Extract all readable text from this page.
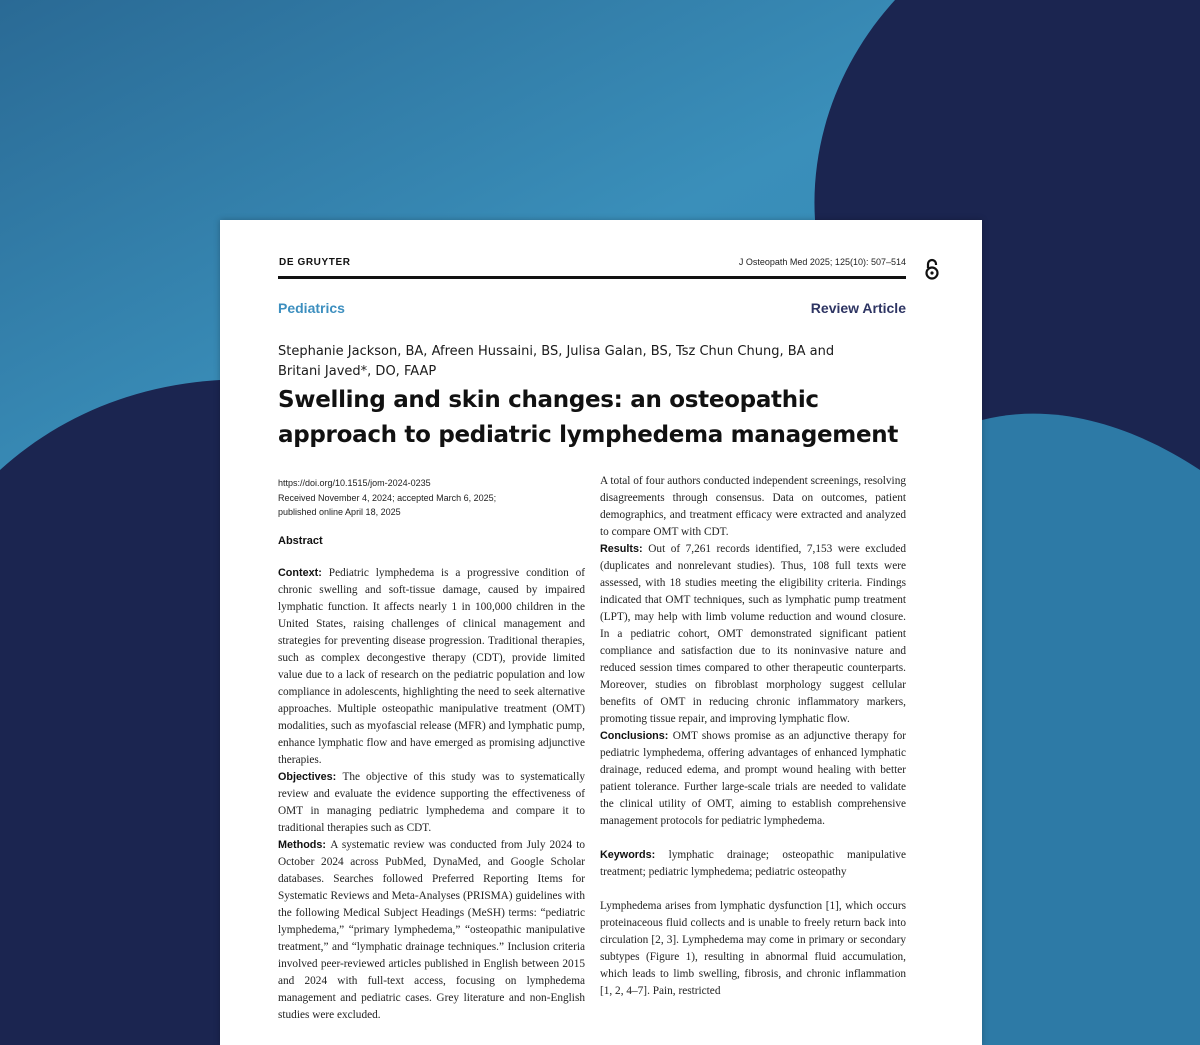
DE GRUYTER	J Osteopath Med 2025; 125(10): 507–514
Pediatrics	Review Article
Stephanie Jackson, BA, Afreen Hussaini, BS, Julisa Galan, BS, Tsz Chun Chung, BA and
Britani Javed*, DO, FAAP
Swelling and skin changes: an osteopathic
approach to pediatric lymphedema management
https://doi.org/10.1515/jom-2024-0235
Received November 4, 2024; accepted March 6, 2025;
published online April 18, 2025
Abstract

Context: Pediatric lymphedema is a progressive condition of chronic swelling and soft-tissue damage, caused by impaired lymphatic function. It affects nearly 1 in 100,000 children in the United States, raising challenges of clinical management and strategies for preventing disease progression. Traditional therapies, such as complex decongestive therapy (CDT), provide limited value due to a lack of research on the pediatric population and low compliance in adolescents, highlighting the need to seek alternative approaches. Multiple osteopathic manipulative treatment (OMT) modalities, such as myofascial release (MFR) and lymphatic pump, enhance lymphatic flow and have emerged as promising adjunctive therapies.

Objectives: The objective of this study was to systematically review and evaluate the evidence supporting the effectiveness of OMT in managing pediatric lymphedema and compare it to traditional therapies such as CDT.

Methods: A systematic review was conducted from July 2024 to October 2024 across PubMed, DynaMed, and Google Scholar databases. Searches followed Preferred Reporting Items for Systematic Reviews and Meta-Analyses (PRISMA) guidelines with the following Medical Subject Headings (MeSH) terms: “pediatric lymphedema,” “primary lymphedema,” “osteopathic manipulative treatment,” and “lymphatic drainage techniques.” Inclusion criteria involved peer-reviewed articles published in English between 2015 and 2024 with full-text access, focusing on lymphedema management and pediatric cases. Grey literature and non-English studies were excluded.

A total of four authors conducted independent screenings, resolving disagreements through consensus. Data on outcomes, patient demographics, and treatment efficacy were extracted and analyzed to compare OMT with CDT.

Results: Out of 7,261 records identified, 7,153 were excluded (duplicates and nonrelevant studies). Thus, 108 full texts were assessed, with 18 studies meeting the eligibility criteria. Findings indicated that OMT techniques, such as lymphatic pump treatment (LPT), may help with limb volume reduction and wound closure. In a pediatric cohort, OMT demonstrated significant patient compliance and satisfaction due to its noninvasive nature and reduced session times compared to other therapeutic counterparts. Moreover, studies on fibroblast morphology suggest cellular benefits of OMT in reducing chronic inflammatory markers, promoting tissue repair, and improving lymphatic flow.

Conclusions: OMT shows promise as an adjunctive therapy for pediatric lymphedema, offering advantages of enhanced lymphatic drainage, reduced edema, and prompt wound healing with better patient tolerance. Further large-scale trials are needed to validate the clinical utility of OMT, aiming to establish comprehensive management protocols for pediatric lymphedema.

Keywords: lymphatic drainage; osteopathic manipulative treatment; pediatric lymphedema; pediatric osteopathy

Lymphedema arises from lymphatic dysfunction [1], which occurs proteinaceous fluid collects and is unable to freely return back into circulation [2, 3]. Lymphedema may come in primary or secondary subtypes (Figure 1), resulting in abnormal fluid accumulation, which leads to limb swelling, fibrosis, and chronic inflammation [1, 2, 4–7]. Pain, restricted
